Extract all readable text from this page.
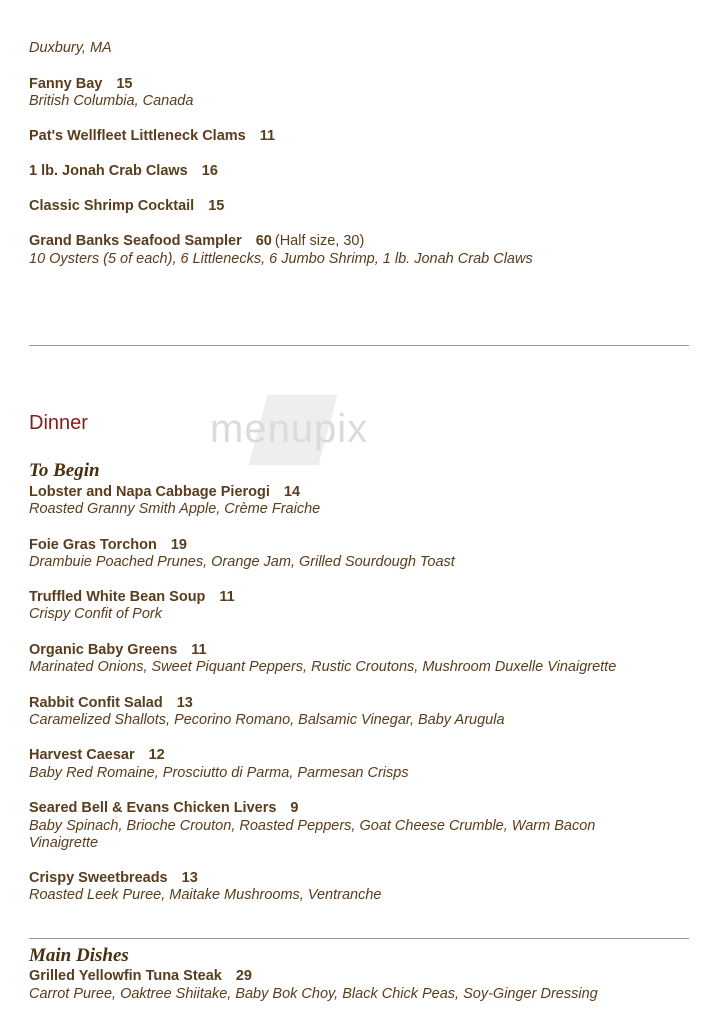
Duxbury, MA
Fanny Bay 15
British Columbia, Canada
Pat's Wellfleet Littleneck Clams 11
1 lb. Jonah Crab Claws 16
Classic Shrimp Cocktail 15
Grand Banks Seafood Sampler 60 (Half size, 30)
10 Oysters (5 of each), 6 Littlenecks, 6 Jumbo Shrimp, 1 lb. Jonah Crab Claws
menupix
Dinner
To Begin
Lobster and Napa Cabbage Pierogi 14
Roasted Granny Smith Apple, Crème Fraiche
Foie Gras Torchon 19
Drambuie Poached Prunes, Orange Jam, Grilled Sourdough Toast
Truffled White Bean Soup 11
Crispy Confit of Pork
Organic Baby Greens 11
Marinated Onions, Sweet Piquant Peppers, Rustic Croutons, Mushroom Duxelle Vinaigrette
Rabbit Confit Salad 13
Caramelized Shallots, Pecorino Romano, Balsamic Vinegar, Baby Arugula
Harvest Caesar 12
Baby Red Romaine, Prosciutto di Parma, Parmesan Crisps
Seared Bell & Evans Chicken Livers 9
Baby Spinach, Brioche Crouton, Roasted Peppers, Goat Cheese Crumble, Warm Bacon Vinaigrette
Crispy Sweetbreads 13
Roasted Leek Puree, Maitake Mushrooms, Ventranche
Main Dishes
Grilled Yellowfin Tuna Steak 29
Carrot Puree, Oaktree Shiitake, Baby Bok Choy, Black Chick Peas, Soy-Ginger Dressing
